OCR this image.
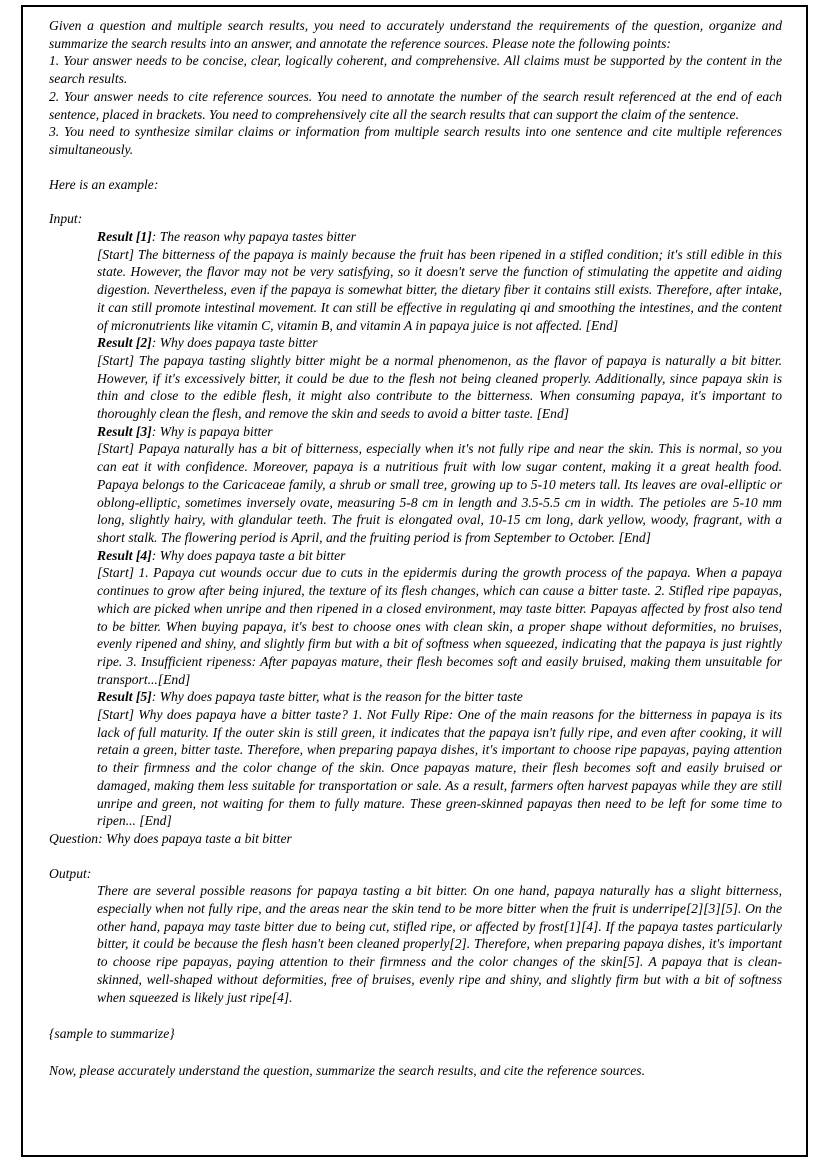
Given a question and multiple search results, you need to accurately understand the requirements of the question, organize and summarize the search results into an answer, and annotate the reference sources. Please note the following points:

1. Your answer needs to be concise, clear, logically coherent, and comprehensive. All claims must be supported by the content in the search results.

2. Your answer needs to cite reference sources. You need to annotate the number of the search result referenced at the end of each sentence, placed in brackets. You need to comprehensively cite all the search results that can support the claim of the sentence.

3. You need to synthesize similar claims or information from multiple search results into one sentence and cite multiple references simultaneously.

Here is an example:

Input:

Result [1]: The reason why papaya tastes bitter

[Start] The bitterness of the papaya is mainly because the fruit has been ripened in a stifled condition; it's still edible in this state. However, the flavor may not be very satisfying, so it doesn't serve the function of stimulating the appetite and aiding digestion. Nevertheless, even if the papaya is somewhat bitter, the dietary fiber it contains still exists. Therefore, after intake, it can still promote intestinal movement. It can still be effective in regulating qi and smoothing the intestines, and the content of micronutrients like vitamin C, vitamin B, and vitamin A in papaya juice is not affected. [End]

Result [2]: Why does papaya taste bitter

[Start] The papaya tasting slightly bitter might be a normal phenomenon, as the flavor of papaya is naturally a bit bitter. However, if it's excessively bitter, it could be due to the flesh not being cleaned properly. Additionally, since papaya skin is thin and close to the edible flesh, it might also contribute to the bitterness. When consuming papaya, it's important to thoroughly clean the flesh, and remove the skin and seeds to avoid a bitter taste. [End]

Result [3]: Why is papaya bitter

[Start] Papaya naturally has a bit of bitterness, especially when it's not fully ripe and near the skin. This is normal, so you can eat it with confidence. Moreover, papaya is a nutritious fruit with low sugar content, making it a great health food. Papaya belongs to the Caricaceae family, a shrub or small tree, growing up to 5-10 meters tall. Its leaves are oval-elliptic or oblong-elliptic, sometimes inversely ovate, measuring 5-8 cm in length and 3.5-5.5 cm in width. The petioles are 5-10 mm long, slightly hairy, with glandular teeth. The fruit is elongated oval, 10-15 cm long, dark yellow, woody, fragrant, with a short stalk. The flowering period is April, and the fruiting period is from September to October. [End]

Result [4]: Why does papaya taste a bit bitter

[Start] 1. Papaya cut wounds occur due to cuts in the epidermis during the growth process of the papaya. When a papaya continues to grow after being injured, the texture of its flesh changes, which can cause a bitter taste. 2. Stifled ripe papayas, which are picked when unripe and then ripened in a closed environment, may taste bitter. Papayas affected by frost also tend to be bitter. When buying papaya, it's best to choose ones with clean skin, a proper shape without deformities, no bruises, evenly ripened and shiny, and slightly firm but with a bit of softness when squeezed, indicating that the papaya is just rightly ripe. 3. Insufficient ripeness: After papayas mature, their flesh becomes soft and easily bruised, making them unsuitable for transport...[End]

Result [5]: Why does papaya taste bitter, what is the reason for the bitter taste

[Start] Why does papaya have a bitter taste? 1. Not Fully Ripe: One of the main reasons for the bitterness in papaya is its lack of full maturity. If the outer skin is still green, it indicates that the papaya isn't fully ripe, and even after cooking, it will retain a green, bitter taste. Therefore, when preparing papaya dishes, it's important to choose ripe papayas, paying attention to their firmness and the color change of the skin. Once papayas mature, their flesh becomes soft and easily bruised or damaged, making them less suitable for transportation or sale. As a result, farmers often harvest papayas while they are still unripe and green, not waiting for them to fully mature. These green-skinned papayas then need to be left for some time to ripen... [End]

Question: Why does papaya taste a bit bitter

Output:

There are several possible reasons for papaya tasting a bit bitter. On one hand, papaya naturally has a slight bitterness, especially when not fully ripe, and the areas near the skin tend to be more bitter when the fruit is underripe[2][3][5]. On the other hand, papaya may taste bitter due to being cut, stifled ripe, or affected by frost[1][4]. If the papaya tastes particularly bitter, it could be because the flesh hasn't been cleaned properly[2]. Therefore, when preparing papaya dishes, it's important to choose ripe papayas, paying attention to their firmness and the color changes of the skin[5]. A papaya that is clean-skinned, well-shaped without deformities, free of bruises, evenly ripe and shiny, and slightly firm but with a bit of softness when squeezed is likely just ripe[4].

{sample to summarize}

Now, please accurately understand the question, summarize the search results, and cite the reference sources.
